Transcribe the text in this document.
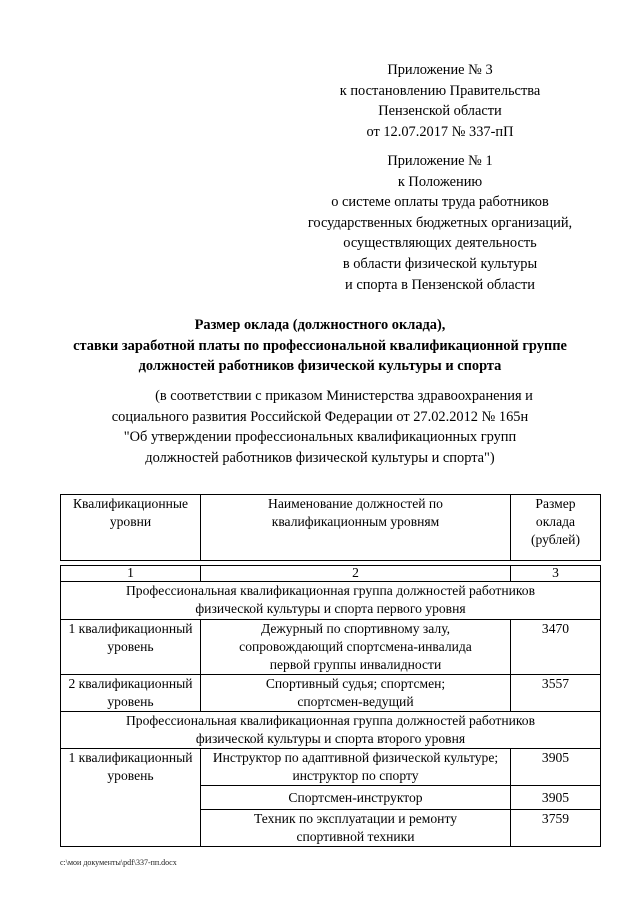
Приложение № 3
к постановлению Правительства
Пензенской области
от 12.07.2017 № 337-пП
Приложение № 1
к Положению
о системе оплаты труда работников
государственных бюджетных организаций,
осуществляющих деятельность
в области физической культуры
и спорта в Пензенской области
Размер оклада (должностного оклада),
ставки заработной платы по профессиональной квалификационной группе
должностей работников физической культуры и спорта
(в соответствии с приказом Министерства здравоохранения и
социального развития Российской Федерации от 27.02.2012 № 165н
"Об утверждении профессиональных квалификационных групп
должностей работников физической культуры и спорта")
Квалификационные
уровни	Наименование должностей по
квалификационным уровням	Размер
оклада
(рублей)
1	2	3
Профессиональная квалификационная группа должностей работников
физической культуры и спорта первого уровня		
1 квалификационный
уровень	Дежурный по спортивному залу,
сопровождающий спортсмена-инвалида
первой группы инвалидности	3470
2 квалификационный
уровень	Спортивный судья; спортсмен;
спортсмен-ведущий	3557
Профессиональная квалификационная группа должностей работников
физической культуры и спорта второго уровня		
1 квалификационный
уровень	Инструктор по адаптивной физической культуре;
инструктор по спорту	3905
	Спортсмен-инструктор	3905
	Техник по эксплуатации и ремонту
спортивной техники	3759
c:\мои документы\pdf\337-пп.docx
